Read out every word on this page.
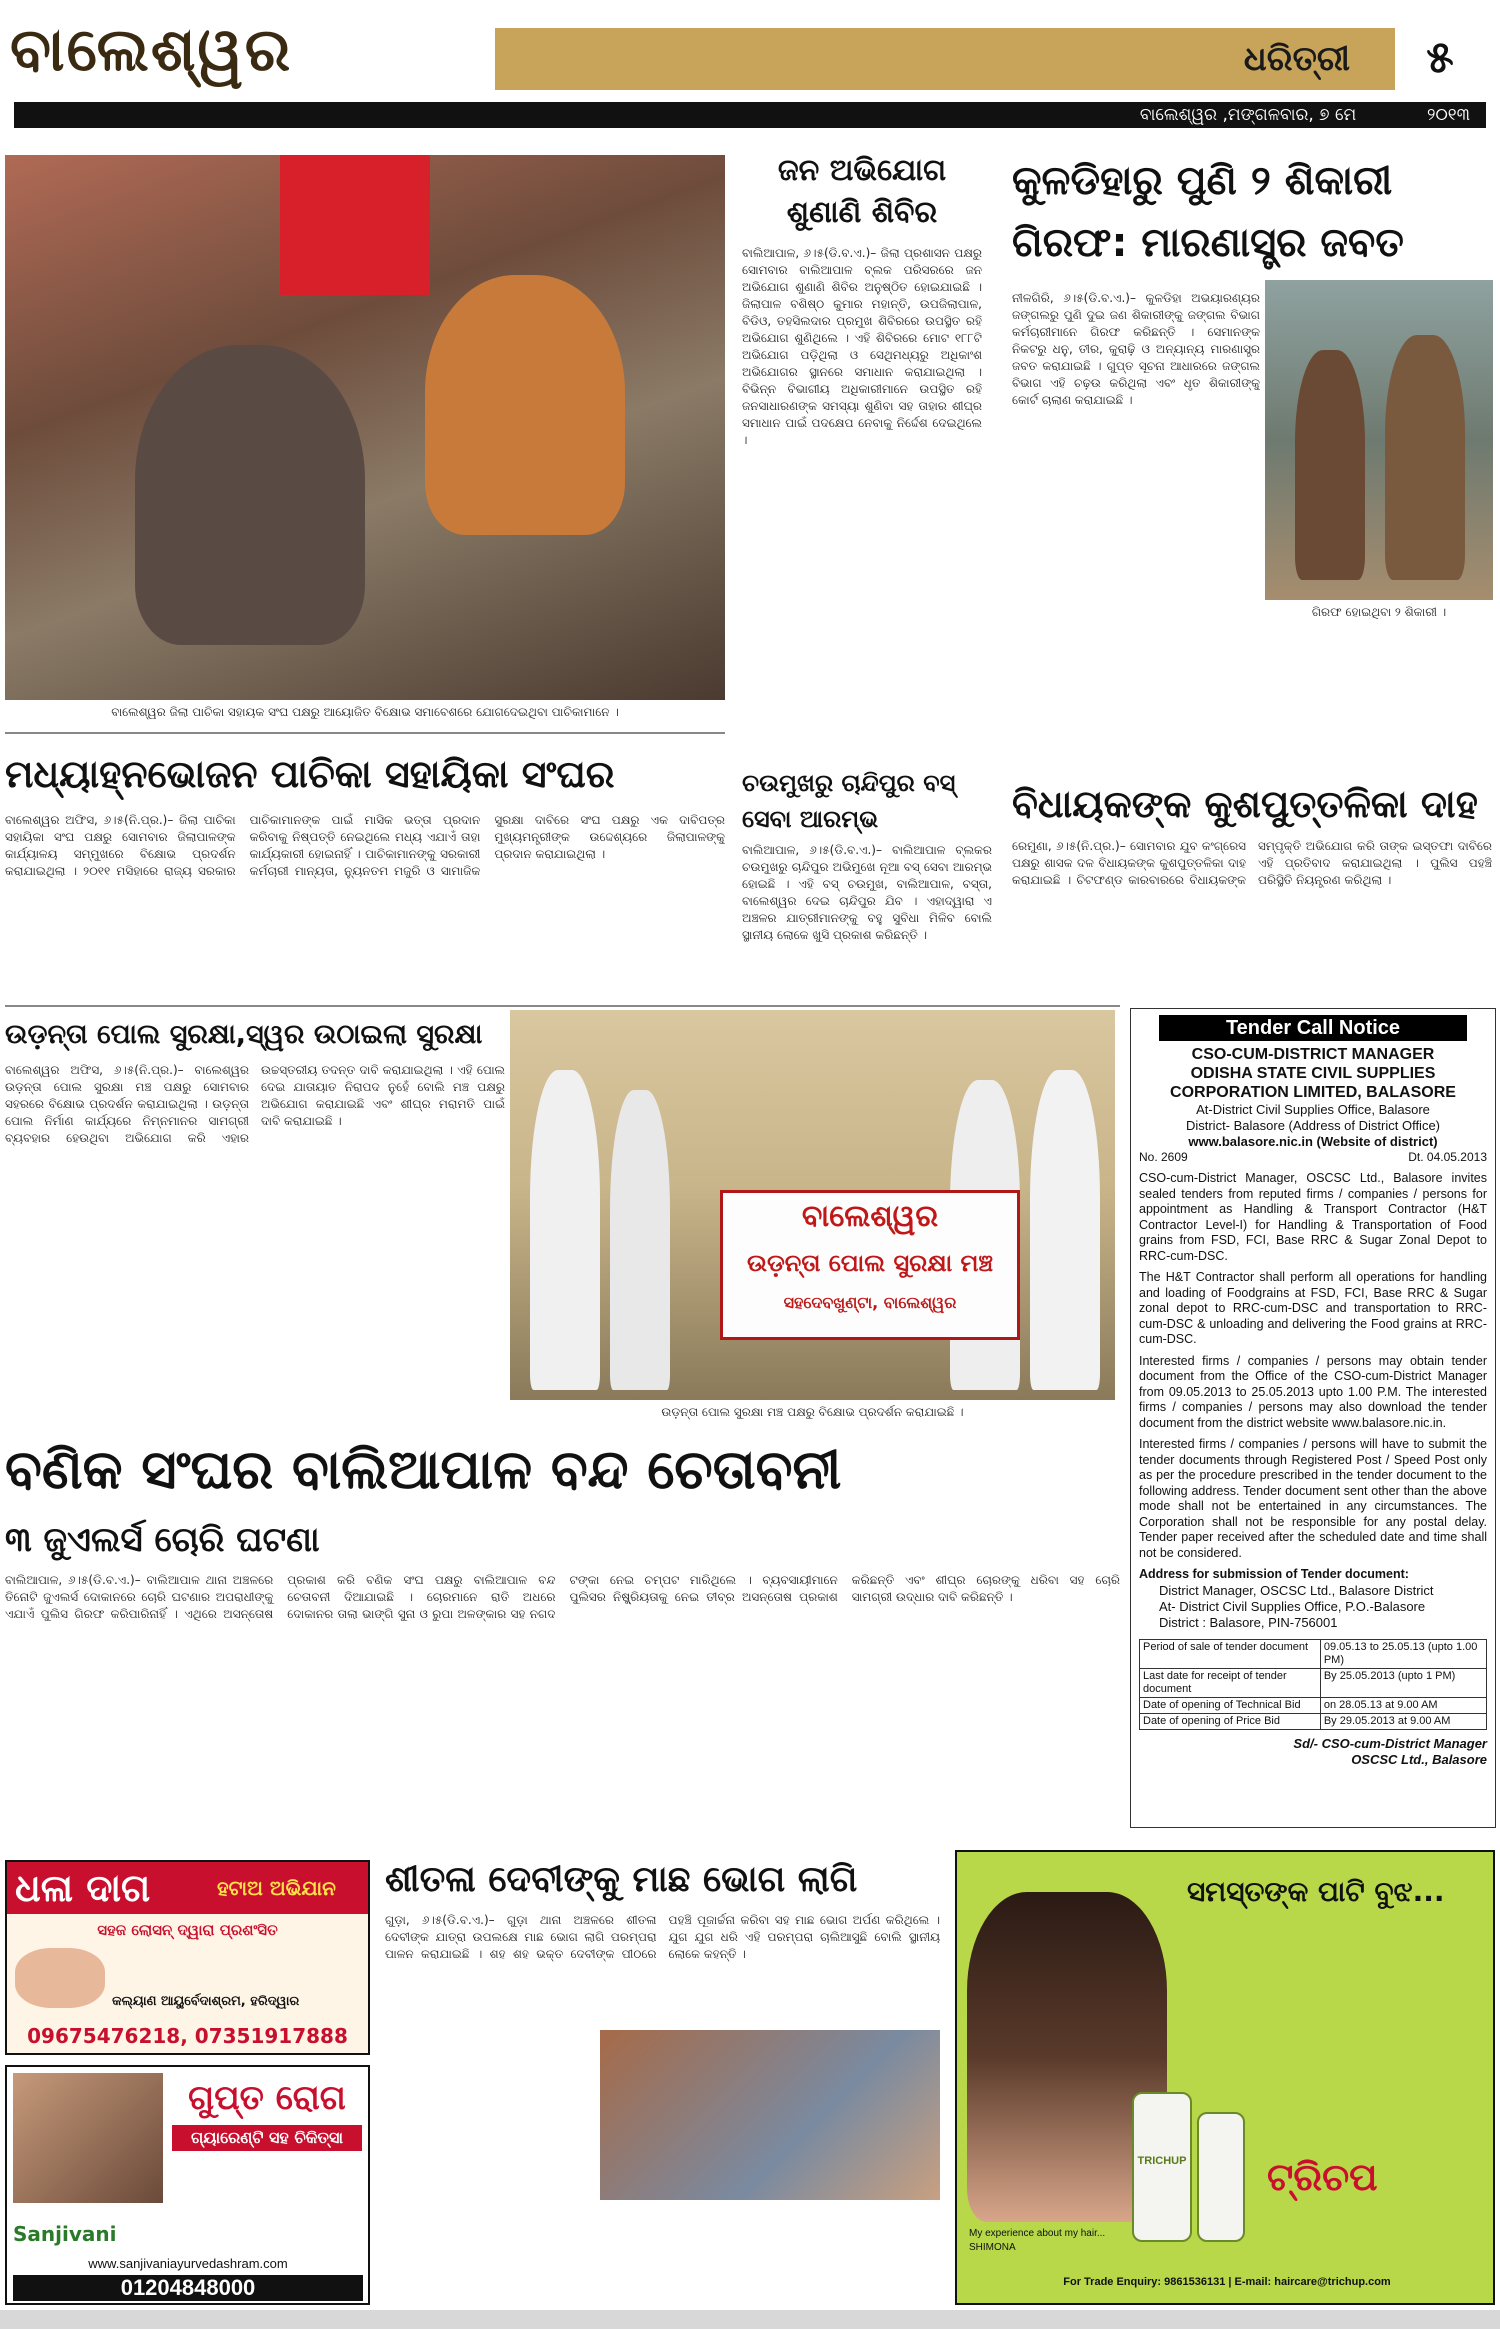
ବାଲେଶ୍ୱର	ଧରିତ୍ରୀ	୫
ବାଲେଶ୍ୱର ,ମଙ୍ଗଳବାର, ୭ ମେ	୨୦୧୩
ବାଲେଶ୍ୱର ଜିଲା ପାଚିକା ସହାୟକ ସଂଘ ପକ୍ଷରୁ ଆୟୋଜିତ ବିକ୍ଷୋଭ ସମାବେଶରେ ଯୋଗଦେଇଥିବା ପାଚିକାମାନେ ।
ଜନ ଅଭିଯୋଗ ଶୁଣାଣି ଶିବିର
ବାଲିଆପାଳ, ୬।୫(ଡି.ବ.ଏ.)– ଜିଲା ପ୍ରଶାସନ ପକ୍ଷରୁ ସୋମବାର ବାଲିଆପାଳ ବ୍ଲକ ପରିସରରେ ଜନ ଅଭିଯୋଗ ଶୁଣାଣି ଶିବିର ଅନୁଷ୍ଠିତ ହୋଇଯାଇଛି । ଜିଲାପାଳ ବଶିଷ୍ଠ କୁମାର ମହାନ୍ତି, ଉପଜିଲାପାଳ, ବିଡିଓ, ତହସିଲଦାର ପ୍ରମୁଖ ଶିବିରରେ ଉପସ୍ଥିତ ରହି ଅଭିଯୋଗ ଶୁଣିଥିଲେ । ଏହି ଶିବିରରେ ମୋଟ ୧୮୮ଟି ଅଭିଯୋଗ ପଡ଼ିଥିଲା ଓ ସେଥିମଧ୍ୟରୁ ଅଧିକାଂଶ ଅଭିଯୋଗର ସ୍ଥାନରେ ସମାଧାନ କରାଯାଇଥିଲା । ବିଭିନ୍ନ ବିଭାଗୀୟ ଅଧିକାରୀମାନେ ଉପସ୍ଥିତ ରହି ଜନସାଧାରଣଙ୍କ ସମସ୍ୟା ଶୁଣିବା ସହ ତାହାର ଶୀଘ୍ର ସମାଧାନ ପାଇଁ ପଦକ୍ଷେପ ନେବାକୁ ନିର୍ଦ୍ଦେଶ ଦେଇଥିଲେ ।
କୁଳଡିହାରୁ ପୁଣି ୨ ଶିକାରୀ ଗିରଫ: ମାରଣାସ୍ତ୍ର ଜବତ
ନୀଳଗିରି, ୬।୫(ଡି.ବ.ଏ.)– କୁଳଡିହା ଅଭୟାରଣ୍ୟର ଜଙ୍ଗଲରୁ ପୁଣି ଦୁଇ ଜଣ ଶିକାରୀଙ୍କୁ ଜଙ୍ଗଲ ବିଭାଗ କର୍ମଚାରୀମାନେ ଗିରଫ କରିଛନ୍ତି । ସେମାନଙ୍କ ନିକଟରୁ ଧନୁ, ତୀର, କୁରାଢ଼ି ଓ ଅନ୍ୟାନ୍ୟ ମାରଣାସ୍ତ୍ର ଜବତ କରାଯାଇଛି । ଗୁପ୍ତ ସୂଚନା ଆଧାରରେ ଜଙ୍ଗଲ ବିଭାଗ ଏହି ଚଢ଼ଉ କରିଥିଲା ଏବଂ ଧୃତ ଶିକାରୀଙ୍କୁ କୋର୍ଟ ଚାଲାଣ କରାଯାଇଛି ।
ଗିରଫ ହୋଇଥିବା ୨ ଶିକାରୀ ।
ମଧ୍ୟାହ୍ନଭୋଜନ ପାଚିକା ସହାୟିକା ସଂଘର
ବାଲେଶ୍ୱର ଅଫିସ, ୬।୫(ନି.ପ୍ର.)– ଜିଲା ପାଚିକା ସହାୟିକା ସଂଘ ପକ୍ଷରୁ ସୋମବାର ଜିଲାପାଳଙ୍କ କାର୍ଯ୍ୟାଳୟ ସମ୍ମୁଖରେ ବିକ୍ଷୋଭ ପ୍ରଦର୍ଶନ କରାଯାଇଥିଲା । ୨୦୧୧ ମସିହାରେ ରାଜ୍ୟ ସରକାର ପାଚିକାମାନଙ୍କ ପାଇଁ ମାସିକ ଭତ୍ତା ପ୍ରଦାନ କରିବାକୁ ନିଷ୍ପତ୍ତି ନେଇଥିଲେ ମଧ୍ୟ ଏଯାଏଁ ତାହା କାର୍ଯ୍ୟକାରୀ ହୋଇନାହିଁ । ପାଚିକାମାନଙ୍କୁ ସରକାରୀ କର୍ମଚାରୀ ମାନ୍ୟତା, ନ୍ୟୁନତମ ମଜୁରି ଓ ସାମାଜିକ ସୁରକ୍ଷା ଦାବିରେ ସଂଘ ପକ୍ଷରୁ ଏକ ଦାବିପତ୍ର ମୁଖ୍ୟମନ୍ତ୍ରୀଙ୍କ ଉଦ୍ଦେଶ୍ୟରେ ଜିଲାପାଳଙ୍କୁ ପ୍ରଦାନ କରାଯାଇଥିଲା ।
ଚଉମୁଖରୁ ଚାନ୍ଦିପୁର ବସ୍ ସେବା ଆରମ୍ଭ
ବାଲିଆପାଳ, ୬।୫(ଡି.ବ.ଏ.)– ବାଲିଆପାଳ ବ୍ଲକର ଚଉମୁଖରୁ ଚାନ୍ଦିପୁର ଅଭିମୁଖେ ନୂଆ ବସ୍ ସେବା ଆରମ୍ଭ ହୋଇଛି । ଏହି ବସ୍ ଚଉମୁଖ, ବାଲିଆପାଳ, ବସ୍ତା, ବାଲେଶ୍ୱର ଦେଇ ଚାନ୍ଦିପୁର ଯିବ । ଏହାଦ୍ୱାରା ଏ ଅଞ୍ଚଳର ଯାତ୍ରୀମାନଙ୍କୁ ବହୁ ସୁବିଧା ମିଳିବ ବୋଲି ସ୍ଥାନୀୟ ଲୋକେ ଖୁସି ପ୍ରକାଶ କରିଛନ୍ତି ।
ବିଧାୟକଙ୍କ କୁଶପୁତ୍ତଳିକା ଦାହ
ରେମୁଣା, ୬।୫(ନି.ପ୍ର.)– ସୋମବାର ଯୁବ କଂଗ୍ରେସ ପକ୍ଷରୁ ଶାସକ ଦଳ ବିଧାୟକଙ୍କ କୁଶପୁତ୍ତଳିକା ଦାହ କରାଯାଇଛି । ଚିଟଫଣ୍ଡ କାରବାରରେ ବିଧାୟକଙ୍କ ସମ୍ପୃକ୍ତି ଅଭିଯୋଗ କରି ତାଙ୍କ ଇସ୍ତଫା ଦାବିରେ ଏହି ପ୍ରତିବାଦ କରାଯାଇଥିଲା । ପୁଲିସ ପହଞ୍ଚି ପରିସ୍ଥିତି ନିୟନ୍ତ୍ରଣ କରିଥିଲା ।
ଉଡ଼ନ୍ତା ପୋଲ ସୁରକ୍ଷା,ସ୍ୱର ଉଠାଇଲା ସୁରକ୍ଷା
ବାଲେଶ୍ୱର ଅଫିସ, ୬।୫(ନି.ପ୍ର.)– ବାଲେଶ୍ୱର ଉଡ଼ନ୍ତା ପୋଲ ସୁରକ୍ଷା ମଞ୍ଚ ପକ୍ଷରୁ ସୋମବାର ସହରରେ ବିକ୍ଷୋଭ ପ୍ରଦର୍ଶନ କରାଯାଇଥିଲା । ଉଡ଼ନ୍ତା ପୋଲ ନିର୍ମାଣ କାର୍ଯ୍ୟରେ ନିମ୍ନମାନର ସାମଗ୍ରୀ ବ୍ୟବହାର ହେଉଥିବା ଅଭିଯୋଗ କରି ଏହାର ଉଚ୍ଚସ୍ତରୀୟ ତଦନ୍ତ ଦାବି କରାଯାଇଥିଲା । ଏହି ପୋଲ ଦେଇ ଯାତାୟାତ ନିରାପଦ ନୁହେଁ ବୋଲି ମଞ୍ଚ ପକ୍ଷରୁ ଅଭିଯୋଗ କରାଯାଇଛି ଏବଂ ଶୀଘ୍ର ମରାମତି ପାଇଁ ଦାବି କରାଯାଇଛି ।
ବାଲେଶ୍ୱର
ଉଡ଼ନ୍ତା ପୋଲ ସୁରକ୍ଷା ମଞ୍ଚ
ସହଦେବଖୁଣ୍ଟା, ବାଲେଶ୍ୱର
ଉଡ଼ନ୍ତା ପୋଲ ସୁରକ୍ଷା ମଞ୍ଚ ପକ୍ଷରୁ ବିକ୍ଷୋଭ ପ୍ରଦର୍ଶନ କରାଯାଇଛି ।
Tender Call Notice
CSO-CUM-DISTRICT MANAGER
ODISHA STATE CIVIL SUPPLIES
CORPORATION LIMITED, BALASORE
At-District Civil Supplies Office, Balasore
District- Balasore (Address of District Office)
www.balasore.nic.in (Website of district)
No. 2609	Dt. 04.05.2013
CSO-cum-District Manager, OSCSC Ltd., Balasore invites sealed tenders from reputed firms / companies / persons for appointment as Handling & Transport Contractor (H&T Contractor Level-I) for Handling & Transportation of Food grains from FSD, FCI, Base RRC & Sugar Zonal Depot to RRC-cum-DSC.
The H&T Contractor shall perform all operations for handling and loading of Foodgrains at FSD, FCI, Base RRC & Sugar zonal depot to RRC-cum-DSC and transportation to RRC-cum-DSC & unloading and delivering the Food grains at RRC-cum-DSC.
Interested firms / companies / persons may obtain tender document from the Office of the CSO-cum-District Manager from 09.05.2013 to 25.05.2013 upto 1.00 P.M. The interested firms / companies / persons may also download the tender document from the district website www.balasore.nic.in.
Interested firms / companies / persons will have to submit the tender documents through Registered Post / Speed Post only as per the procedure prescribed in the tender document to the following address. Tender document sent other than the above mode shall not be entertained in any circumstances. The Corporation shall not be responsible for any postal delay. Tender paper received after the scheduled date and time shall not be considered.
Address for submission of Tender document:
District Manager, OSCSC Ltd., Balasore District
At- District Civil Supplies Office, P.O.-Balasore
District : Balasore, PIN-756001
Period of sale of tender document	09.05.13 to 25.05.13 (upto 1.00 PM)
Last date for receipt of tender document	By 25.05.2013 (upto 1 PM)
Date of opening of Technical Bid	on 28.05.13 at 9.00 AM
Date of opening of Price Bid	By 29.05.2013 at 9.00 AM
Sd/- CSO-cum-District Manager
OSCSC Ltd., Balasore
ବଣିକ ସଂଘର ବାଲିଆପାଳ ବନ୍ଦ ଚେତାବନୀ
୩ ଜୁଏଲର୍ସ ଚୋରି ଘଟଣା
ବାଲିଆପାଳ, ୬।୫(ଡି.ବ.ଏ.)– ବାଲିଆପାଳ ଥାନା ଅଞ୍ଚଳରେ ତିନୋଟି ଜୁଏଲର୍ସ ଦୋକାନରେ ଚୋରି ଘଟଣାର ଅପରାଧୀଙ୍କୁ ଏଯାଏଁ ପୁଲିସ ଗିରଫ କରିପାରିନାହିଁ । ଏଥିରେ ଅସନ୍ତୋଷ ପ୍ରକାଶ କରି ବଣିକ ସଂଘ ପକ୍ଷରୁ ବାଲିଆପାଳ ବନ୍ଦ ଚେତାବନୀ ଦିଆଯାଇଛି । ଚୋରମାନେ ରାତି ଅଧରେ ଦୋକାନର ତାଲା ଭାଙ୍ଗି ସୁନା ଓ ରୁପା ଅଳଙ୍କାର ସହ ନଗଦ ଟଙ୍କା ନେଇ ଚମ୍ପଟ ମାରିଥିଲେ । ବ୍ୟବସାୟୀମାନେ ପୁଲିସର ନିଷ୍କ୍ରିୟତାକୁ ନେଇ ତୀବ୍ର ଅସନ୍ତୋଷ ପ୍ରକାଶ କରିଛନ୍ତି ଏବଂ ଶୀଘ୍ର ଚୋରଙ୍କୁ ଧରିବା ସହ ଚୋରି ସାମଗ୍ରୀ ଉଦ୍ଧାର ଦାବି କରିଛନ୍ତି ।
ଧଳା ଦାଗ	ହଟାଅ ଅଭିଯାନ
ସହଜ ଲୋସନ୍ ଦ୍ୱାରା ପ୍ରଶଂସିତ
କଲ୍ୟାଣ ଆୟୁର୍ବେଦାଶ୍ରମ, ହରିଦ୍ୱାର
09675476218, 07351917888
ଗୁପ୍ତ ରୋଗ
ଗ୍ୟାରେଣ୍ଟି ସହ ଚିକିତ୍ସା
Sanjivani
www.sanjivaniayurvedashram.com
01204848000
ଶୀତଳା ଦେବୀଙ୍କୁ ମାଛ ଭୋଗ ଲାଗି
ଗୁଡ଼ା, ୬।୫(ଡି.ବ.ଏ.)– ଗୁଡ଼ା ଥାନା ଅଞ୍ଚଳରେ ଶୀତଳା ଦେବୀଙ୍କ ଯାତ୍ରା ଉପଲକ୍ଷେ ମାଛ ଭୋଗ ଲାଗି ପରମ୍ପରା ପାଳନ କରାଯାଇଛି । ଶହ ଶହ ଭକ୍ତ ଦେବୀଙ୍କ ପୀଠରେ ପହଞ୍ଚି ପୂଜାର୍ଚ୍ଚନା କରିବା ସହ ମାଛ ଭୋଗ ଅର୍ପଣ କରିଥିଲେ । ଯୁଗ ଯୁଗ ଧରି ଏହି ପରମ୍ପରା ଚାଲିଆସୁଛି ବୋଲି ସ୍ଥାନୀୟ ଲୋକେ କହନ୍ତି ।
ସମସ୍ତଙ୍କ ପାଟି ବୁଝ...
TRICHUP ଟ୍ରିଚପ
My experience about my hair... SHIMONA
For Trade Enquiry: 9861536131 | E-mail: haircare@trichup.com
